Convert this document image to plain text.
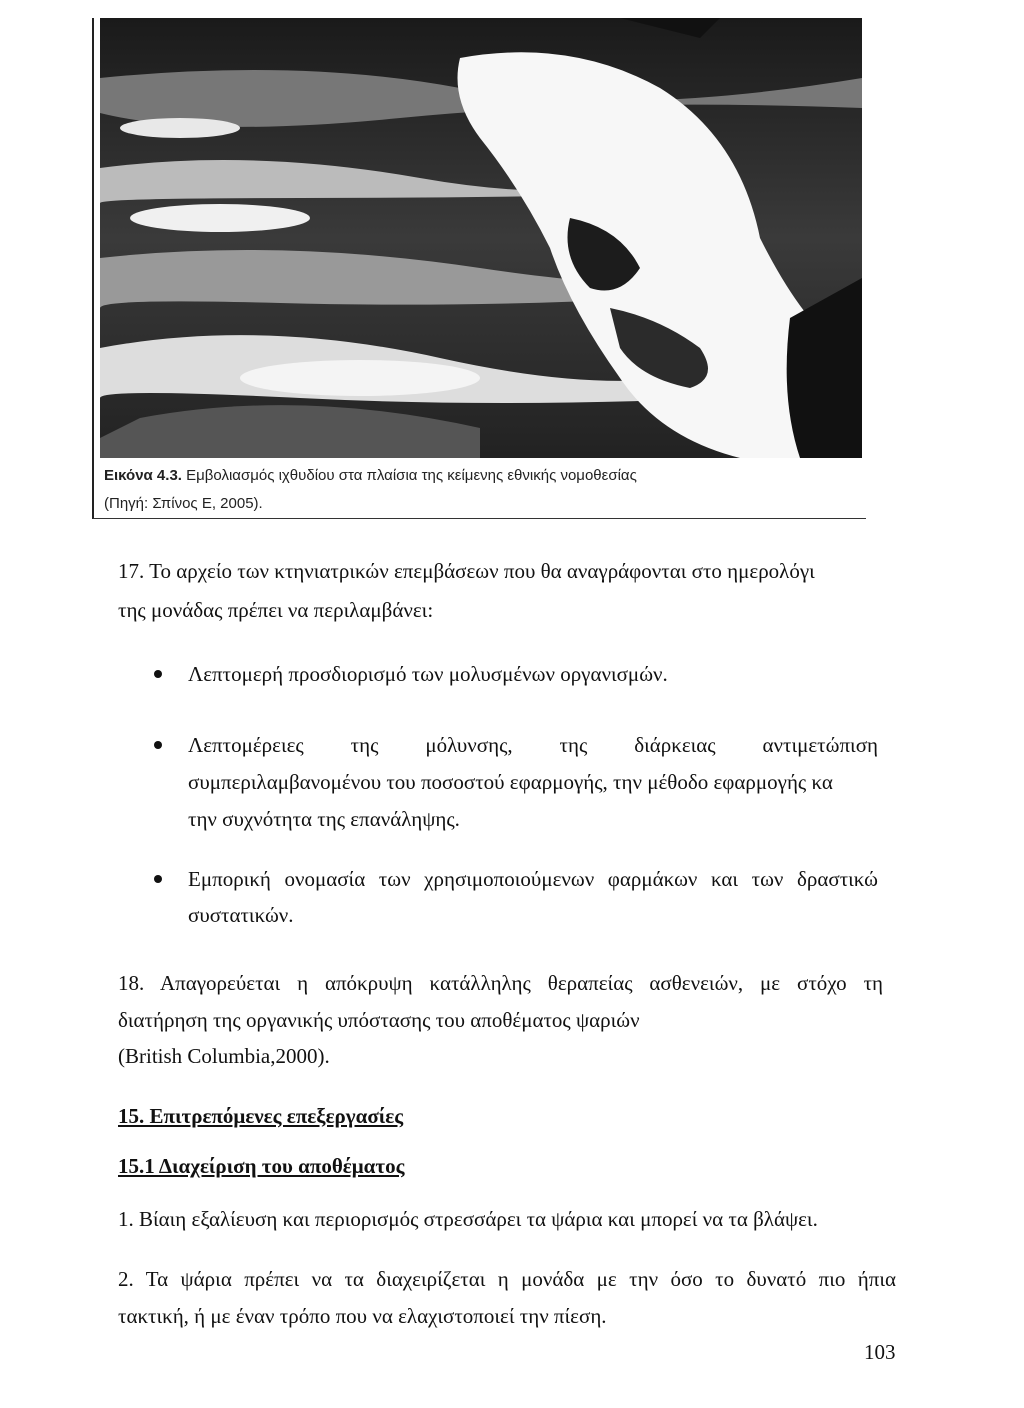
Εικόνα 4.3. Εμβολιασμός ιχθυδίου στα πλαίσια της κείμενης εθνικής νομοθεσίας
(Πηγή: Σπίνος Ε, 2005).
17. Το αρχείο των κτηνιατρικών επεμβάσεων που θα αναγράφονται στο ημερολόγι
της μονάδας πρέπει να περιλαμβάνει:
Λεπτομερή προσδιορισμό των μολυσμένων οργανισμών.
Λεπτομέρειες της μόλυνσης, της διάρκειας αντιμετώπιση
συμπεριλαμβανομένου του ποσοστού εφαρμογής, την μέθοδο εφαρμογής κα
την συχνότητα της επανάληψης.
Εμπορική ονομασία των χρησιμοποιούμενων φαρμάκων και των δραστικώ
συστατικών.
18. Απαγορεύεται η απόκρυψη κατάλληλης θεραπείας ασθενειών, με στόχο τη
διατήρηση της οργανικής υπόστασης του αποθέματος ψαριών
(British Columbia,2000).
15. Επιτρεπόμενες επεξεργασίες
15.1 Διαχείριση του αποθέματος
1. Βίαιη εξαλίευση και περιορισμός στρεσσάρει τα ψάρια και μπορεί να τα βλάψει.
2. Τα ψάρια πρέπει να τα διαχειρίζεται η μονάδα με την όσο το δυνατό πιο ήπια
τακτική, ή με έναν τρόπο που να ελαχιστοποιεί την πίεση.
103
